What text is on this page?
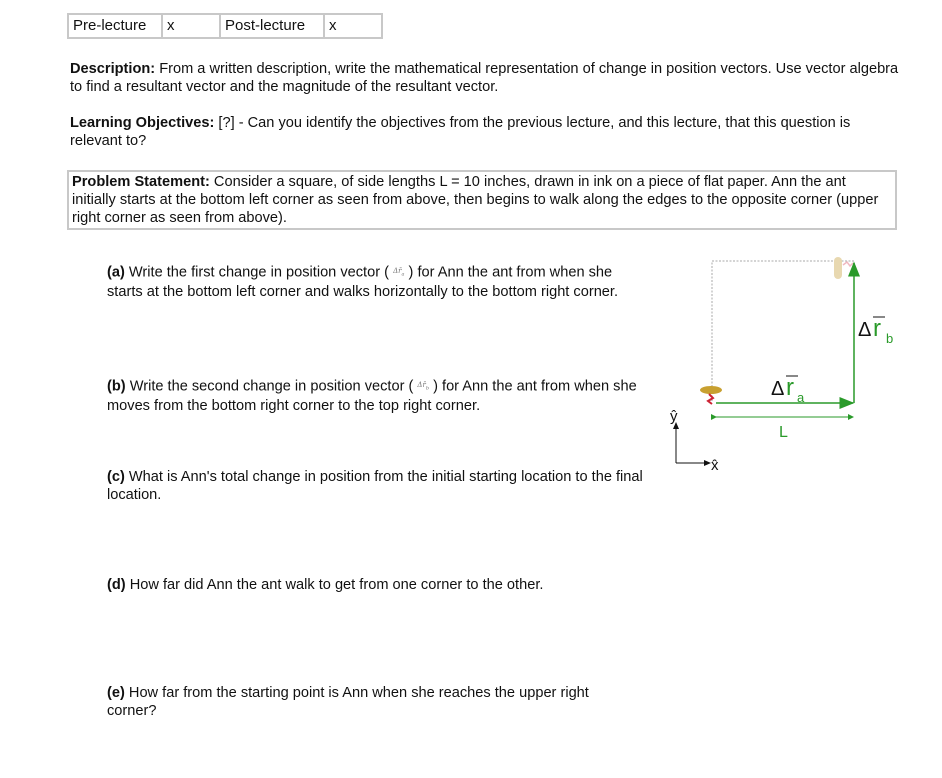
Pre-lecture	x	Post-lecture	x
Description: From a written description, write the mathematical representation of change in position vectors. Use vector algebra to find a resultant vector and the magnitude of the resultant vector.
Learning Objectives: [?] - Can you identify the objectives from the previous lecture, and this lecture, that this question is relevant to?
Problem Statement: Consider a square, of side lengths L = 10 inches, drawn in ink on a piece of flat paper. Ann the ant initially starts at the bottom left corner as seen from above, then begins to walk along the edges to the opposite corner (upper right corner as seen from above).
(a) Write the first change in position vector ( $\Delta r̄_a$ ) for Ann the ant from when she starts at the bottom left corner and walks horizontally to the bottom right corner.
(b) Write the second change in position vector ( $\Delta r̄_b$ ) for Ann the ant from when she moves from the bottom right corner to the top right corner.
(c) What is Ann's total change in position from the initial starting location to the final location.
(d) How far did Ann the ant walk to get from one corner to the other.
(e) How far from the starting point is Ann when she reaches the upper right corner?
Δ r a
Δ r b
L
ŷ
x̂
